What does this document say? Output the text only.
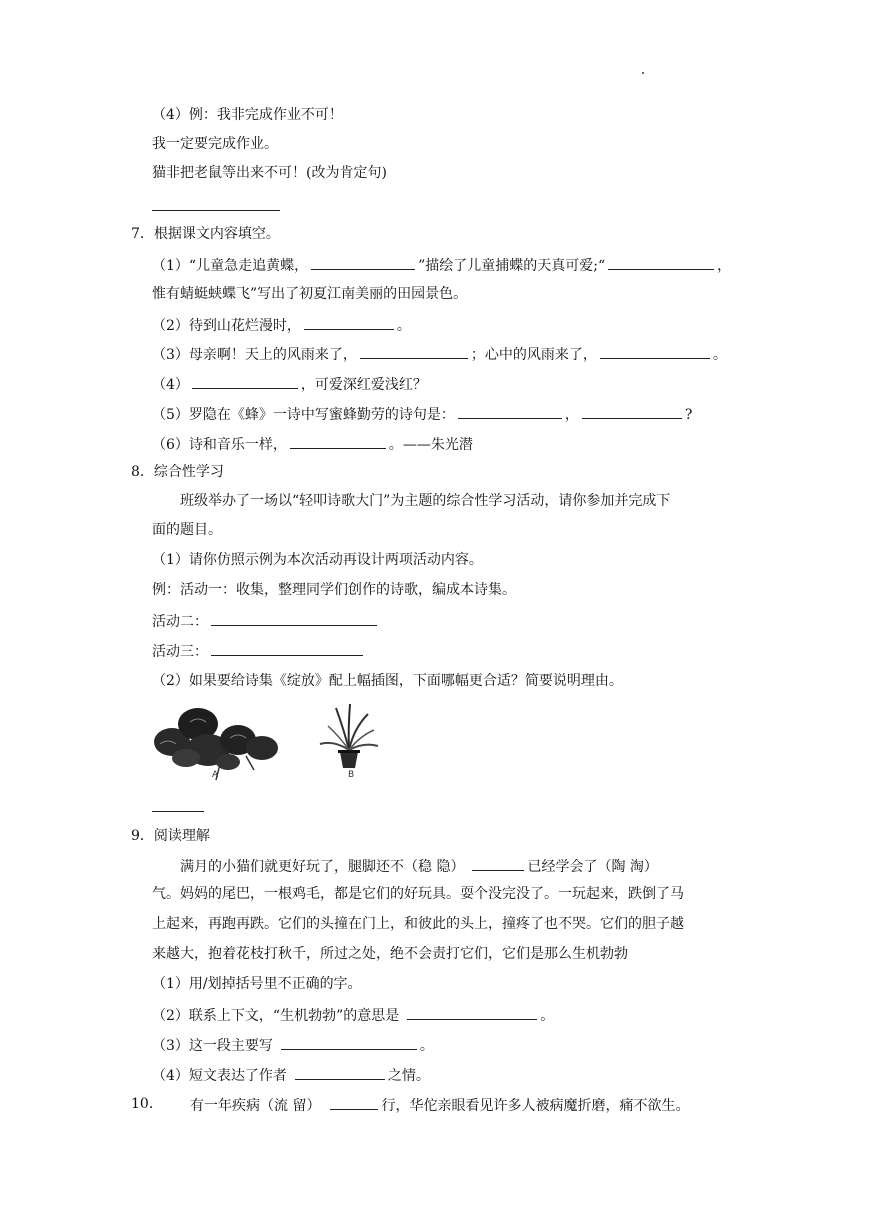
（4）例：我非完成作业不可！
我一定要完成作业。
猫非把老鼠等出来不可！(改为肯定句)
7．根据课文内容填空。
（1）“儿童急走追黄蝶，	”描绘了儿童捕蝶的天真可爱;“	，
惟有蜻蜓蛱蝶飞”写出了初夏江南美丽的田园景色。
（2）待到山花烂漫时，	。
（3）母亲啊！天上的风雨来了，	；心中的风雨来了，	。
（4）	，可爱深红爱浅红？
（5）罗隐在《蜂》一诗中写蜜蜂勤劳的诗句是：	，	?
（6）诗和音乐一样，	。——朱光潜
8．综合性学习
班级举办了一场以“轻叩诗歌大门”为主题的综合性学习活动，请你参加并完成下
面的题目。
（1）请你仿照示例为本次活动再设计两项活动内容。
例：活动一：收集，整理同学们创作的诗歌，编成本诗集。
活动二：
活动三：
（2）如果要给诗集《绽放》配上幅插图，下面哪幅更合适？简要说明理由。
A	B
9．阅读理解
满月的小猫们就更好玩了，腿脚还不（稳 隐）	已经学会了（陶 淘）
气。妈妈的尾巴，一根鸡毛，都是它们的好玩具。耍个没完没了。一玩起来，跌倒了马
上起来，再跑再跌。它们的头撞在门上，和彼此的头上，撞疼了也不哭。它们的胆子越
来越大，抱着花枝打秋千，所过之处，绝不会责打它们，它们是那么生机勃勃
（1）用/划掉括号里不正确的字。
（2）联系上下文，“生机勃勃”的意思是	。
（3）这一段主要写	。
（4）短文表达了作者	之情。
10． 有一年疾病（流 留）	行，华佗亲眼看见许多人被病魔折磨，痛不欲生。
